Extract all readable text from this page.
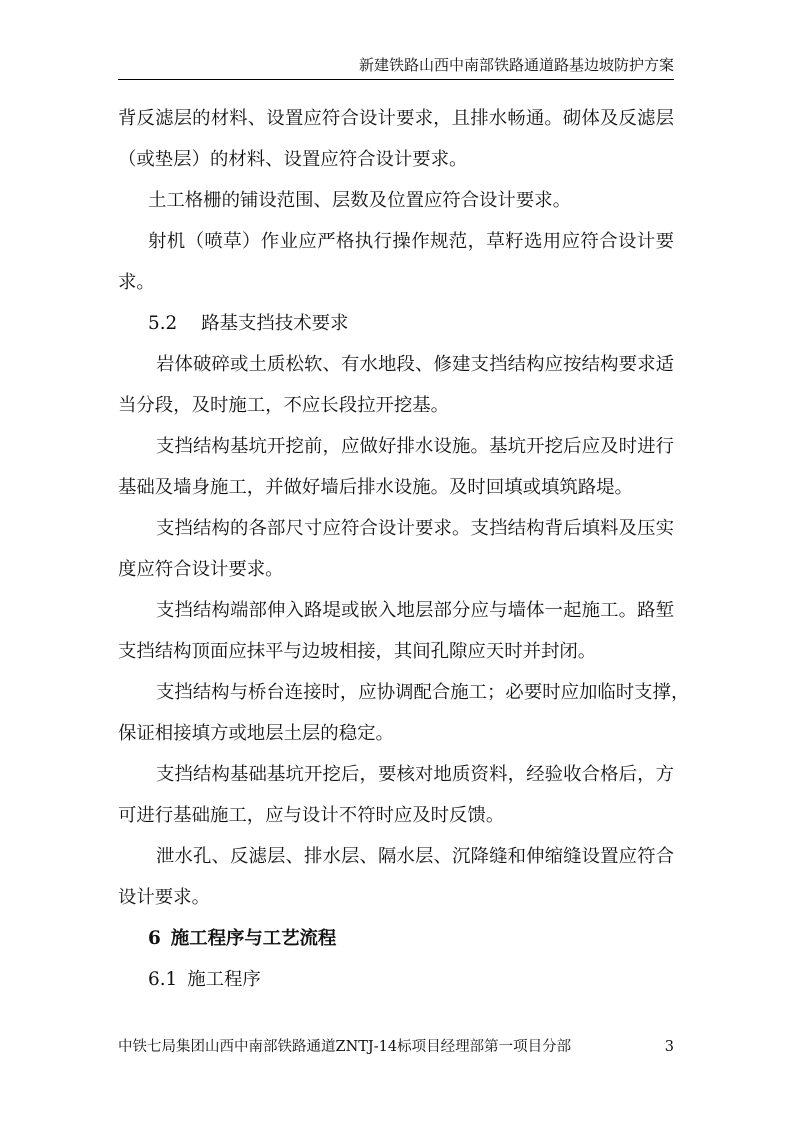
新建铁路山西中南部铁路通道路基边坡防护方案
背反滤层的材料、设置应符合设计要求，且排水畅通。砌体及反滤层
（或垫层）的材料、设置应符合设计要求。
土工格栅的铺设范围、层数及位置应符合设计要求。
射机（喷草）作业应严格执行操作规范，草籽选用应符合设计要
求。
5.2 路基支挡技术要求
岩体破碎或土质松软、有水地段、修建支挡结构应按结构要求适
当分段，及时施工，不应长段拉开挖基。
支挡结构基坑开挖前，应做好排水设施。基坑开挖后应及时进行
基础及墙身施工，并做好墙后排水设施。及时回填或填筑路堤。
支挡结构的各部尺寸应符合设计要求。支挡结构背后填料及压实
度应符合设计要求。
支挡结构端部伸入路堤或嵌入地层部分应与墙体一起施工。路堑
支挡结构顶面应抹平与边坡相接，其间孔隙应天时并封闭。
支挡结构与桥台连接时，应协调配合施工；必要时应加临时支撑，
保证相接填方或地层土层的稳定。
支挡结构基础基坑开挖后，要核对地质资料，经验收合格后，方
可进行基础施工，应与设计不符时应及时反馈。
泄水孔、反滤层、排水层、隔水层、沉降缝和伸缩缝设置应符合
设计要求。
6 施工程序与工艺流程
6.1 施工程序
中铁七局集团山西中南部铁路通道ZNTJ-14标项目经理部第一项目分部	3
